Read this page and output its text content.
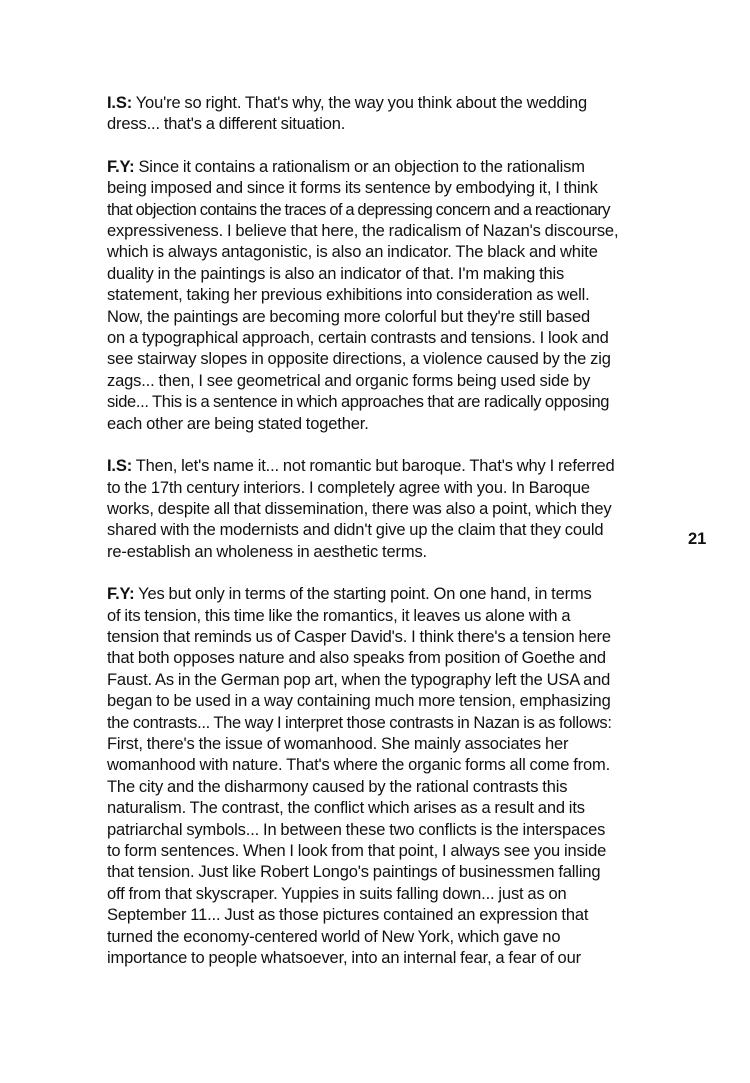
I.S: You're so right. That's why, the way you think about the wedding
dress... that's a different situation.

F.Y: Since it contains a rationalism or an objection to the rationalism
being imposed and since it forms its sentence by embodying it, I think
that objection contains the traces of a depressing concern and a reactionary
expressiveness. I believe that here, the radicalism of Nazan's discourse,
which is always antagonistic, is also an indicator. The black and white
duality in the paintings is also an indicator of that. I'm making this
statement, taking her previous exhibitions into consideration as well.
Now, the paintings are becoming more colorful but they're still based
on a typographical approach, certain contrasts and tensions. I look and
see stairway slopes in opposite directions, a violence caused by the zig
zags... then, I see geometrical and organic forms being used side by
side... This is a sentence in which approaches that are radically opposing
each other are being stated together.

I.S: Then, let's name it... not romantic but baroque. That's why I referred
to the 17th century interiors. I completely agree with you. In Baroque
works, despite all that dissemination, there was also a point, which they
shared with the modernists and didn't give up the claim that they could
re-establish an wholeness in aesthetic terms.

F.Y: Yes but only in terms of the starting point. On one hand, in terms
of its tension, this time like the romantics, it leaves us alone with a
tension that reminds us of Casper David's. I think there's a tension here
that both opposes nature and also speaks from position of Goethe and
Faust. As in the German pop art, when the typography left the USA and
began to be used in a way containing much more tension, emphasizing
the contrasts... The way I interpret those contrasts in Nazan is as follows:
First, there's the issue of womanhood. She mainly associates her
womanhood with nature. That's where the organic forms all come from.
The city and the disharmony caused by the rational contrasts this
naturalism. The contrast, the conflict which arises as a result and its
patriarchal symbols... In between these two conflicts is the interspaces
to form sentences. When I look from that point, I always see you inside
that tension. Just like Robert Longo's paintings of businessmen falling
off from that skyscraper. Yuppies in suits falling down... just as on
September 11... Just as those pictures contained an expression that
turned the economy-centered world of New York, which gave no
importance to people whatsoever, into an internal fear, a fear of our

21
